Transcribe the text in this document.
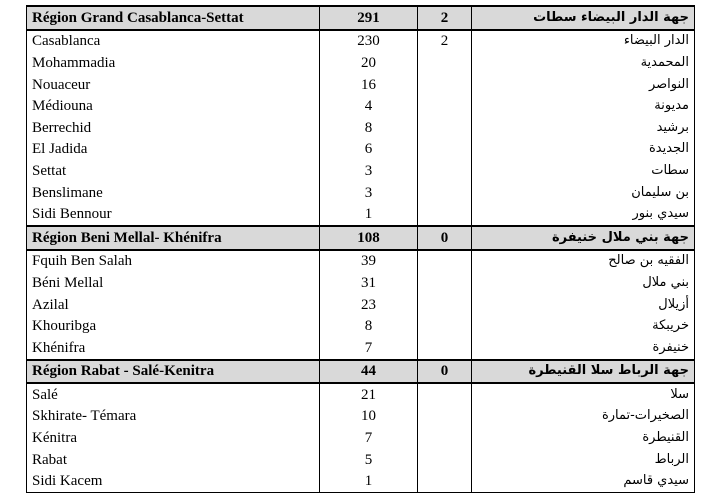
Région Grand Casablanca-Settat	291	2	جهة الدار البيضاء سطات
Casablanca	230	2	الدار البيضاء
Mohammadia	20		المحمدية
Nouaceur	16		النواصر
Médiouna	4		مديونة
Berrechid	8		برشيد
El Jadida	6		الجديدة
Settat	3		سطات
Benslimane	3		بن سليمان
Sidi Bennour	1		سيدي بنور
Région Beni Mellal- Khénifra	108	0	جهة بني ملال خنيفرة
Fquih Ben Salah	39		الفقيه بن صالح
Béni Mellal	31		بني ملال
Azilal	23		أزيلال
Khouribga	8		خريبكة
Khénifra	7		خنيفرة
Région Rabat - Salé-Kenitra	44	0	جهة الرباط سلا القنيطرة
Salé	21		سلا
Skhirate- Témara	10		الصخيرات-تمارة
Kénitra	7		القنيطرة
Rabat	5		الرباط
Sidi Kacem	1		سيدي قاسم
